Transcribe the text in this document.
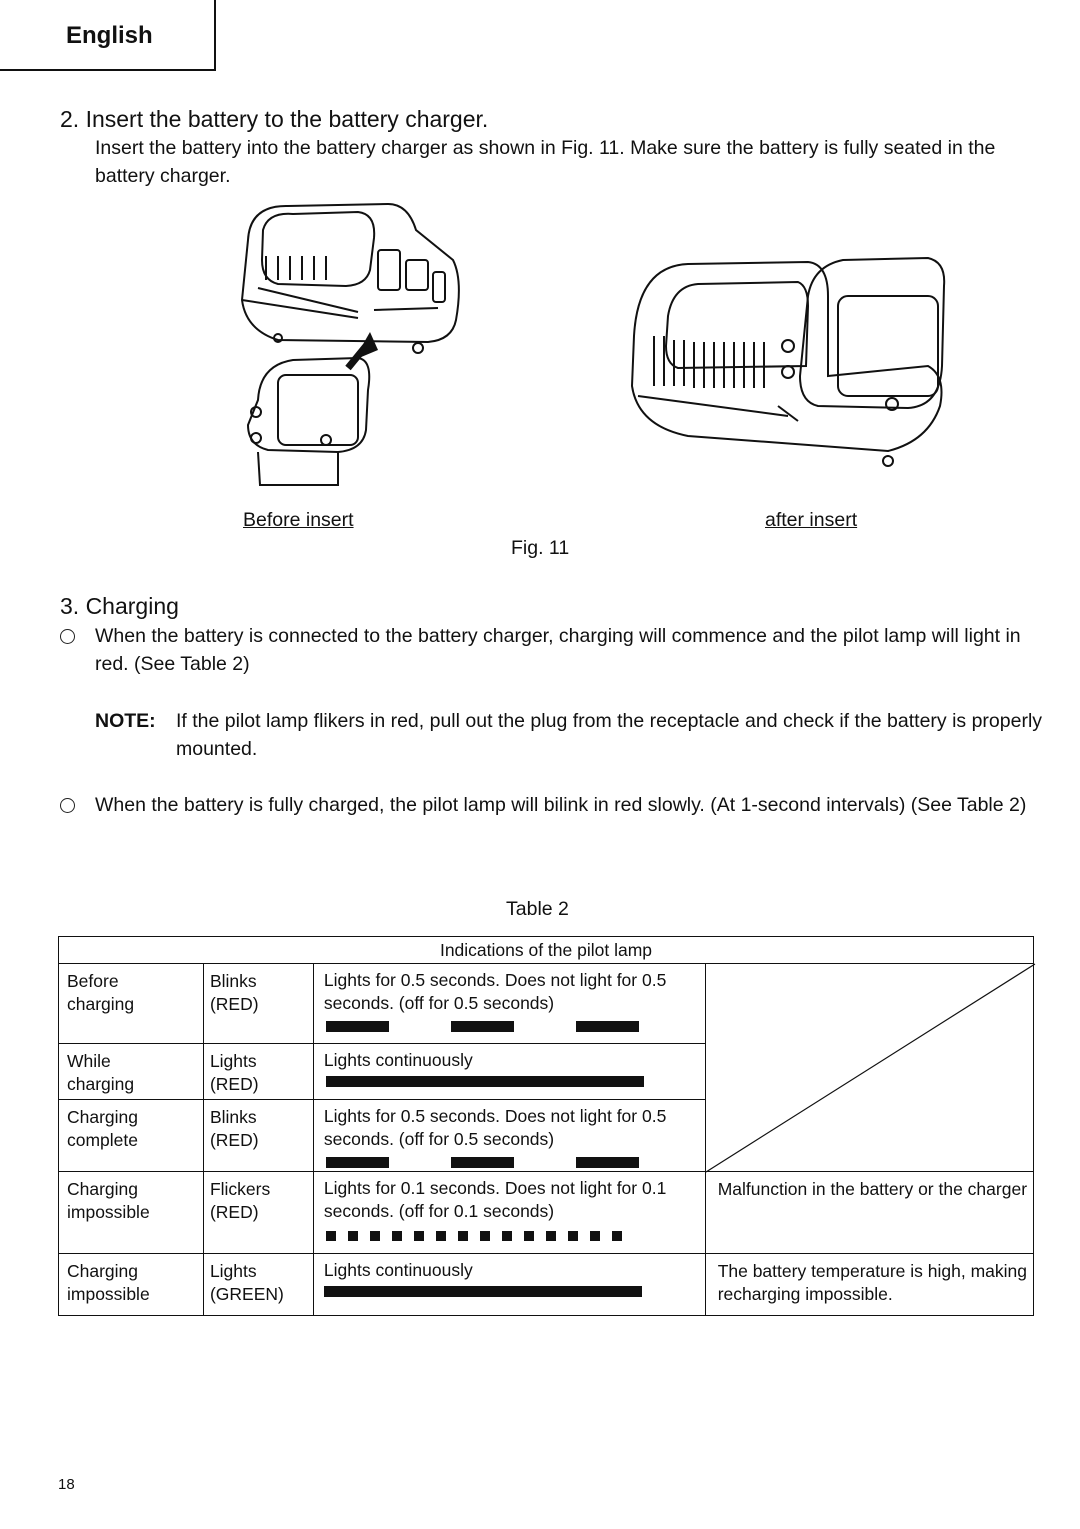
English
2. Insert the battery to the battery charger.
Insert the battery into the battery charger as shown in Fig. 11. Make sure the battery is fully seated in the battery charger.
Before insert	after insert
Fig. 11
3. Charging
When the battery is connected to the battery charger, charging will commence and the pilot lamp will light in red. (See Table 2)
NOTE: If the pilot lamp flikers in red, pull out the plug from the receptacle and check if the battery is properly mounted.
When the battery is fully charged, the pilot lamp will bilink in red slowly. (At 1-second intervals) (See Table 2)
Table 2
Indications of the pilot lamp			

Before charging	Blinks (RED)	Lights for 0.5 seconds. Does not light for 0.5 seconds. (off for 0.5 seconds)

While charging	Lights (RED)	Lights continuously	

Charging complete	Blinks (RED)	Lights for 0.5 seconds. Does not light for 0.5 seconds. (off for 0.5 seconds)	

Charging impossible	Flickers (RED)	Lights for 0.1 seconds. Does not light for 0.1 seconds. (off for 0.1 seconds)	Malfunction in the battery or the charger

Charging impossible	Lights (GREEN)	Lights continuously	The battery temperature is high, making recharging impossible.
18
